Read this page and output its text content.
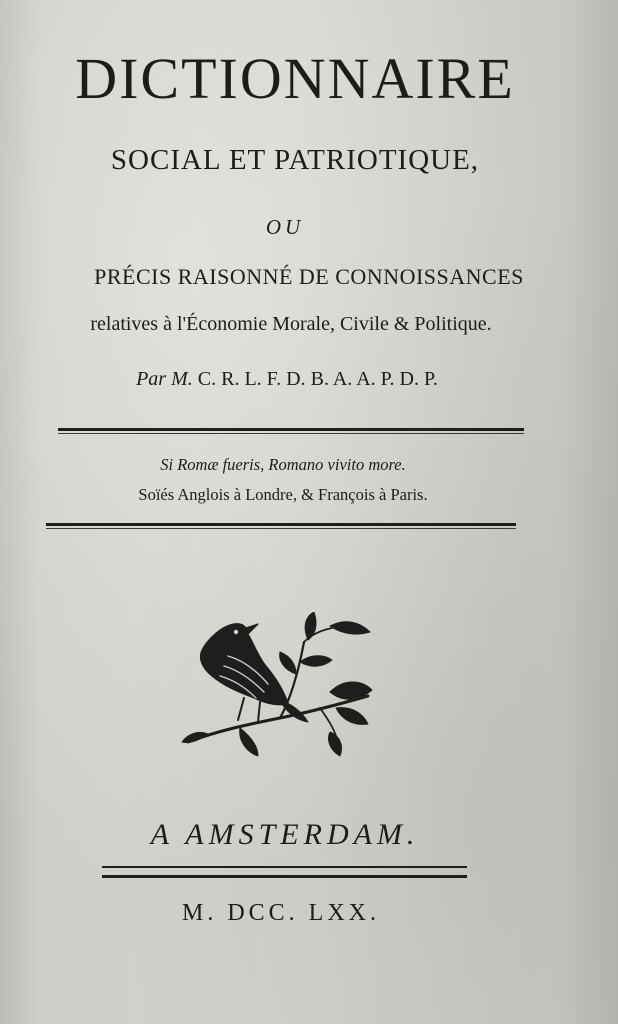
DICTIONNAIRE

SOCIAL ET PATRIOTIQUE,

OU

PRÉCIS RAISONNÉ DE CONNOISSANCES

relatives à l'Économie Morale, Civile & Politique.

Par M. C. R. L. F. D. B. A. A. P. D. P.

Si Romæ fueris, Romano vivito more.

Soïés Anglois à Londre, & François à Paris.

A AMSTERDAM.

M. DCC. LXX.
